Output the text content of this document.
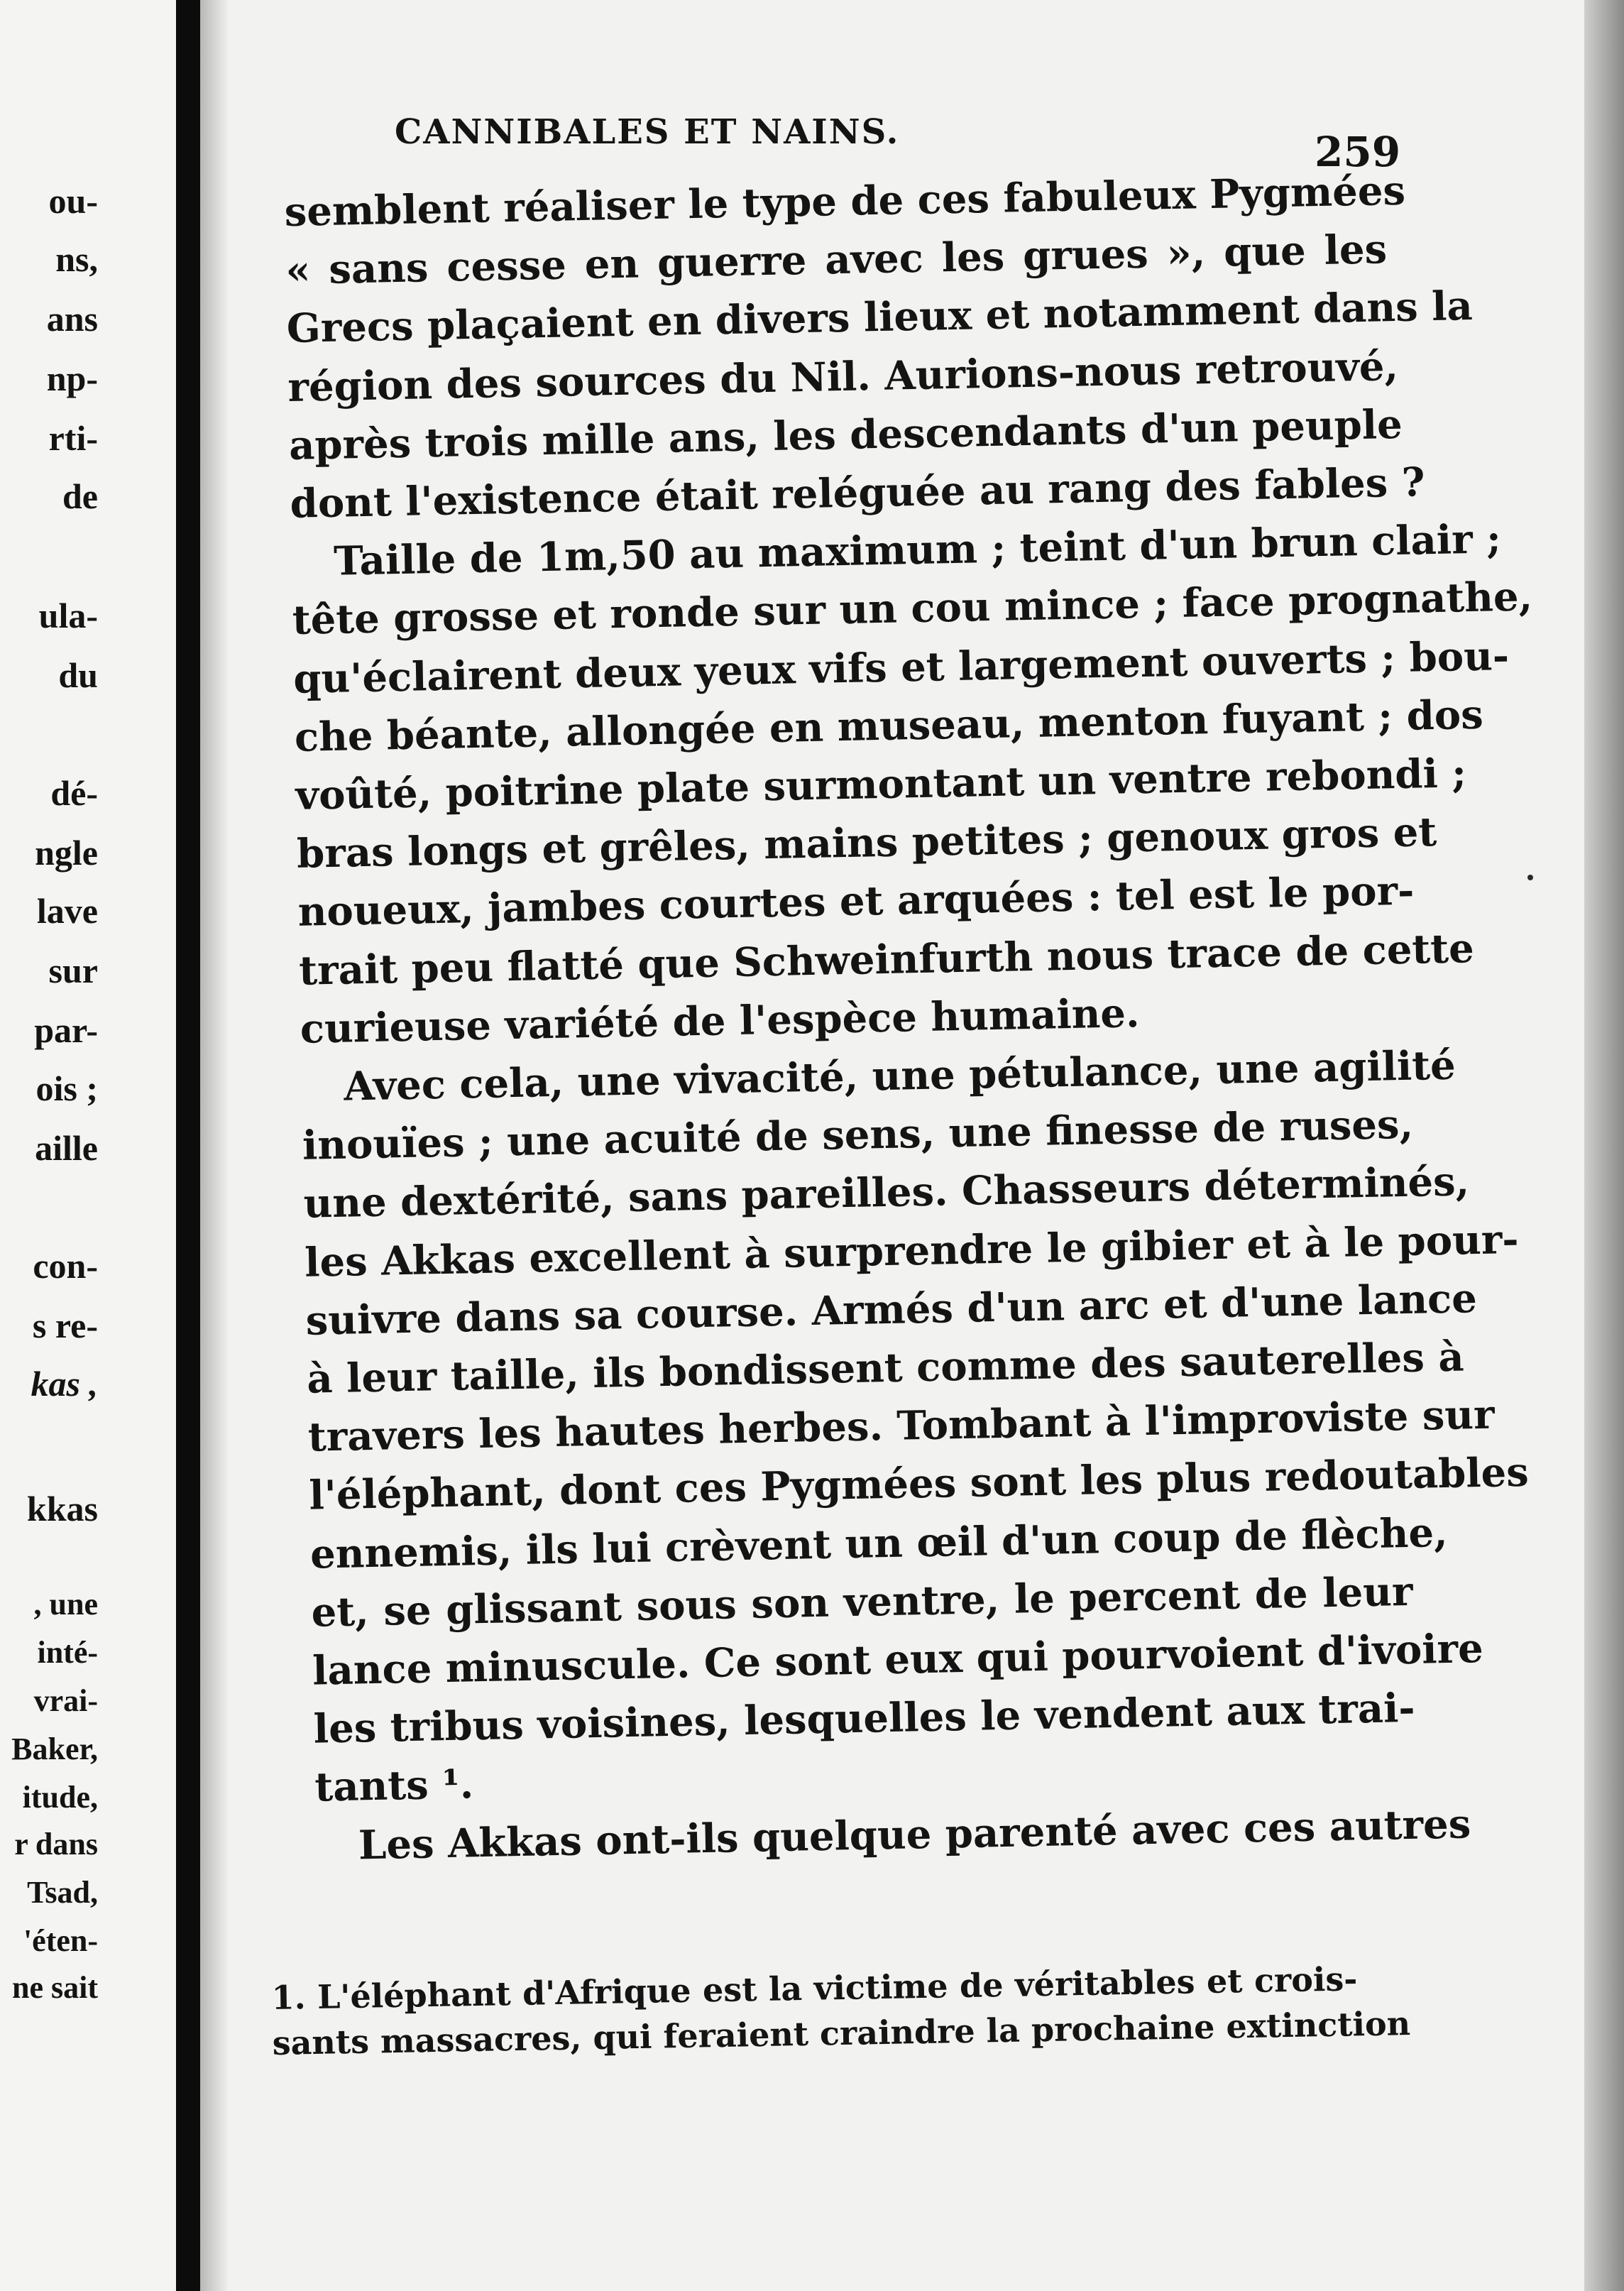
ou-
ns,
ans
np-
rti-
de
ula-
du
dé-
ngle
lave
sur
par-
ois ;
aille
con-
s re-
kas ,
kkas
, une
inté-
vrai-
Baker,
itude,
r dans
Tsad,
'éten-
ne sait
CANNIBALES ET NAINS.	259
semblent réaliser le type de ces fabuleux Pygmées
« sans cesse en guerre avec les grues », que les
Grecs plaçaient en divers lieux et notamment dans la
région des sources du Nil. Aurions-nous retrouvé,
après trois mille ans, les descendants d'un peuple
dont l'existence était reléguée au rang des fables ?
Taille de 1m,50 au maximum ; teint d'un brun clair ;
tête grosse et ronde sur un cou mince ; face prognathe,
qu'éclairent deux yeux vifs et largement ouverts ; bou-
che béante, allongée en museau, menton fuyant ; dos
voûté, poitrine plate surmontant un ventre rebondi ;
bras longs et grêles, mains petites ; genoux gros et
noueux, jambes courtes et arquées : tel est le por-
trait peu flatté que Schweinfurth nous trace de cette
curieuse variété de l'espèce humaine.
Avec cela, une vivacité, une pétulance, une agilité
inouïes ; une acuité de sens, une finesse de ruses,
une dextérité, sans pareilles. Chasseurs déterminés,
les Akkas excellent à surprendre le gibier et à le pour-
suivre dans sa course. Armés d'un arc et d'une lance
à leur taille, ils bondissent comme des sauterelles à
travers les hautes herbes. Tombant à l'improviste sur
l'éléphant, dont ces Pygmées sont les plus redoutables
ennemis, ils lui crèvent un œil d'un coup de flèche,
et, se glissant sous son ventre, le percent de leur
lance minuscule. Ce sont eux qui pourvoient d'ivoire
les tribus voisines, lesquelles le vendent aux trai-
tants ¹.
Les Akkas ont-ils quelque parenté avec ces autres
1. L'éléphant d'Afrique est la victime de véritables et crois-
sants massacres, qui feraient craindre la prochaine extinction
